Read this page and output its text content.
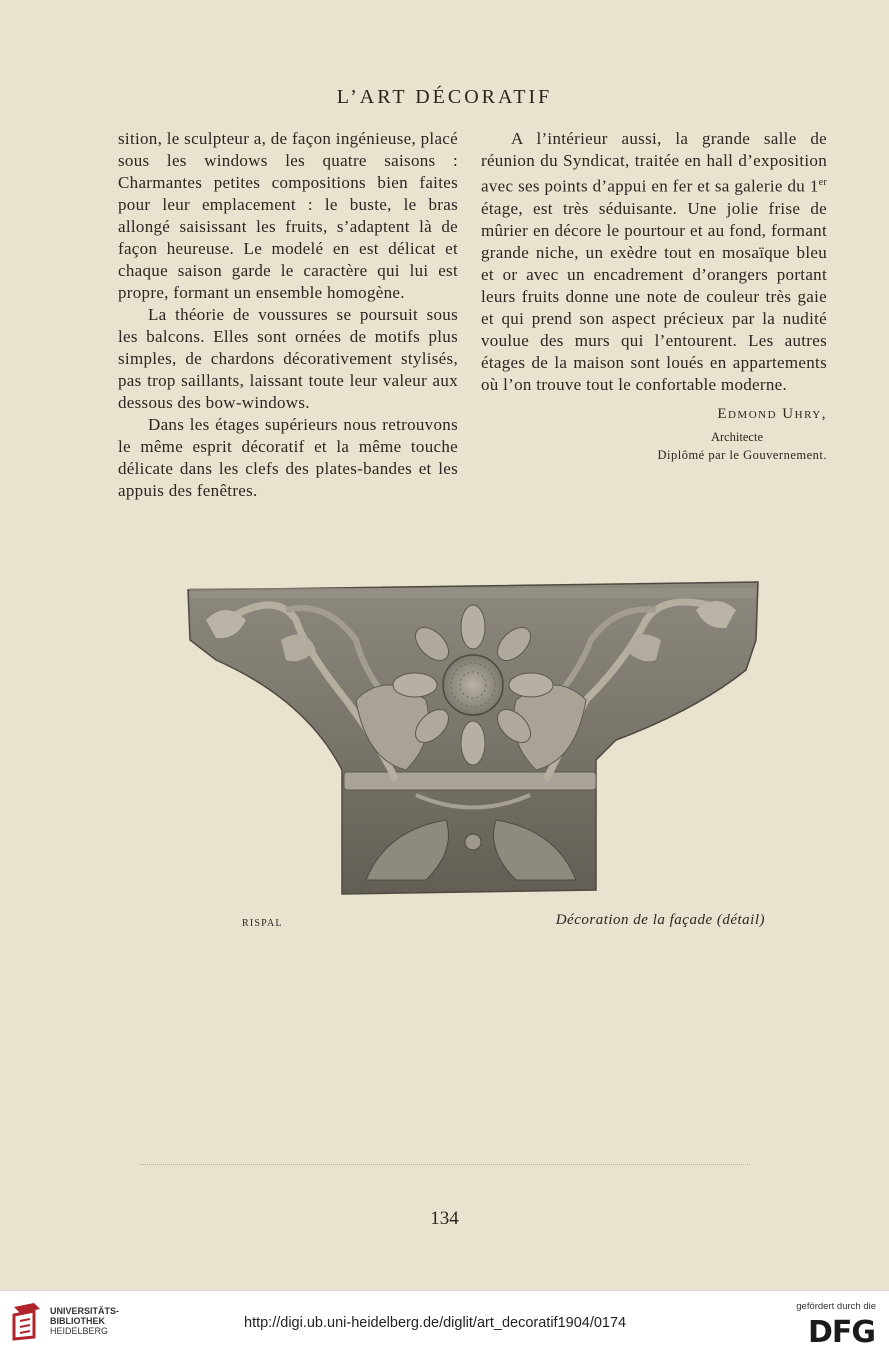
L’ART DÉCORATIF

sition, le sculpteur a, de façon ingénieuse, placé sous les windows les quatre saisons : Charmantes petites compositions bien faites pour leur emplacement : le buste, le bras allongé saisissant les fruits, s’adaptent là de façon heureuse. Le modelé en est délicat et chaque saison garde le caractère qui lui est propre, formant un ensemble homogène.

La théorie de voussures se poursuit sous les balcons. Elles sont ornées de motifs plus simples, de chardons décorativement stylisés, pas trop saillants, laissant toute leur valeur aux dessous des bow-windows.

Dans les étages supérieurs nous retrouvons le même esprit décoratif et la même touche délicate dans les clefs des plates-bandes et les appuis des fenêtres.

A l’intérieur aussi, la grande salle de réunion du Syndicat, traitée en hall d’exposition avec ses points d’appui en fer et sa galerie du 1er étage, est très séduisante. Une jolie frise de mûrier en décore le pourtour et au fond, formant grande niche, un exèdre tout en mosaïque bleu et or avec un encadrement d’orangers portant leurs fruits donne une note de couleur très gaie et qui prend son aspect précieux par la nudité voulue des murs qui l’entourent. Les autres étages de la maison sont loués en appartements où l’on trouve tout le confortable moderne.

Edmond Uhry,
Architecte
Diplômé par le Gouvernement.
RISPAL	Décoration de la façade (détail)
134
UNIVERSITÄTS-
BIBLIOTHEK
HEIDELBERG	http://digi.ub.uni-heidelberg.de/diglit/art_decoratif1904/0174
gefördert durch die
DFG
